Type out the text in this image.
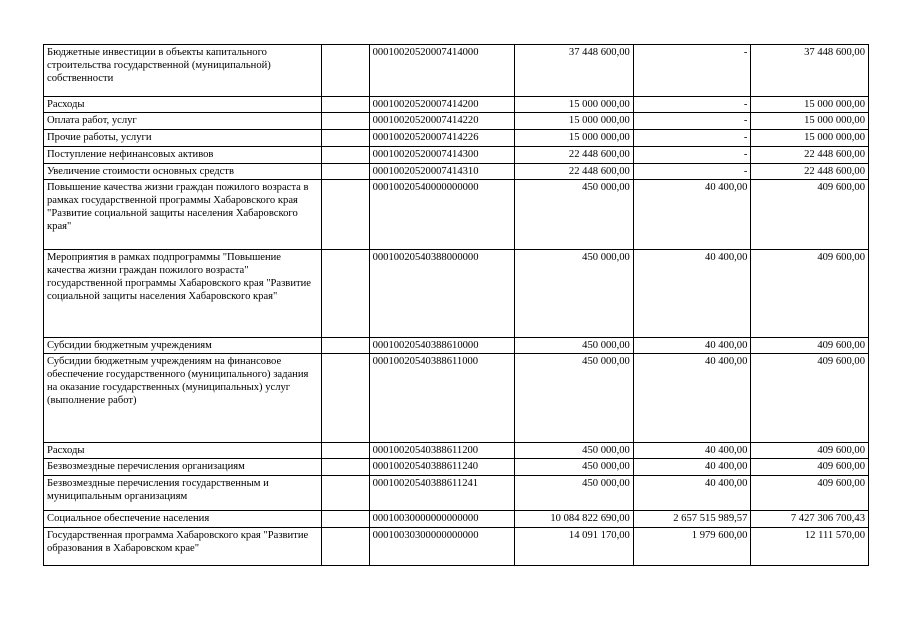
Бюджетные инвестиции в объекты капитального строительства государственной (муниципальной) собственности		00010020520007414000	37 448 600,00	-	37 448 600,00
Расходы		00010020520007414200	15 000 000,00	-	15 000 000,00
Оплата работ, услуг		00010020520007414220	15 000 000,00	-	15 000 000,00
Прочие работы, услуги		00010020520007414226	15 000 000,00	-	15 000 000,00
Поступление нефинансовых активов		00010020520007414300	22 448 600,00	-	22 448 600,00
Увеличение стоимости основных средств		00010020520007414310	22 448 600,00	-	22 448 600,00
Повышение качества жизни граждан пожилого возраста в рамках государственной программы Хабаровского края "Развитие социальной защиты населения Хабаровского края"		00010020540000000000	450 000,00	40 400,00	409 600,00
Мероприятия в рамках подпрограммы "Повышение качества жизни граждан пожилого возраста" государственной программы Хабаровского края "Развитие социальной защиты населения Хабаровского края"		00010020540388000000	450 000,00	40 400,00	409 600,00
Субсидии бюджетным учреждениям		00010020540388610000	450 000,00	40 400,00	409 600,00
Субсидии бюджетным учреждениям на финансовое обеспечение государственного (муниципального) задания на оказание государственных (муниципальных) услуг (выполнение работ)		00010020540388611000	450 000,00	40 400,00	409 600,00
Расходы		00010020540388611200	450 000,00	40 400,00	409 600,00
Безвозмездные перечисления организациям		00010020540388611240	450 000,00	40 400,00	409 600,00
Безвозмездные перечисления государственным и муниципальным организациям		00010020540388611241	450 000,00	40 400,00	409 600,00
Социальное обеспечение населения		00010030000000000000	10 084 822 690,00	2 657 515 989,57	7 427 306 700,43
Государственная программа Хабаровского края "Развитие образования в Хабаровском крае"		00010030300000000000	14 091 170,00	1 979 600,00	12 111 570,00
